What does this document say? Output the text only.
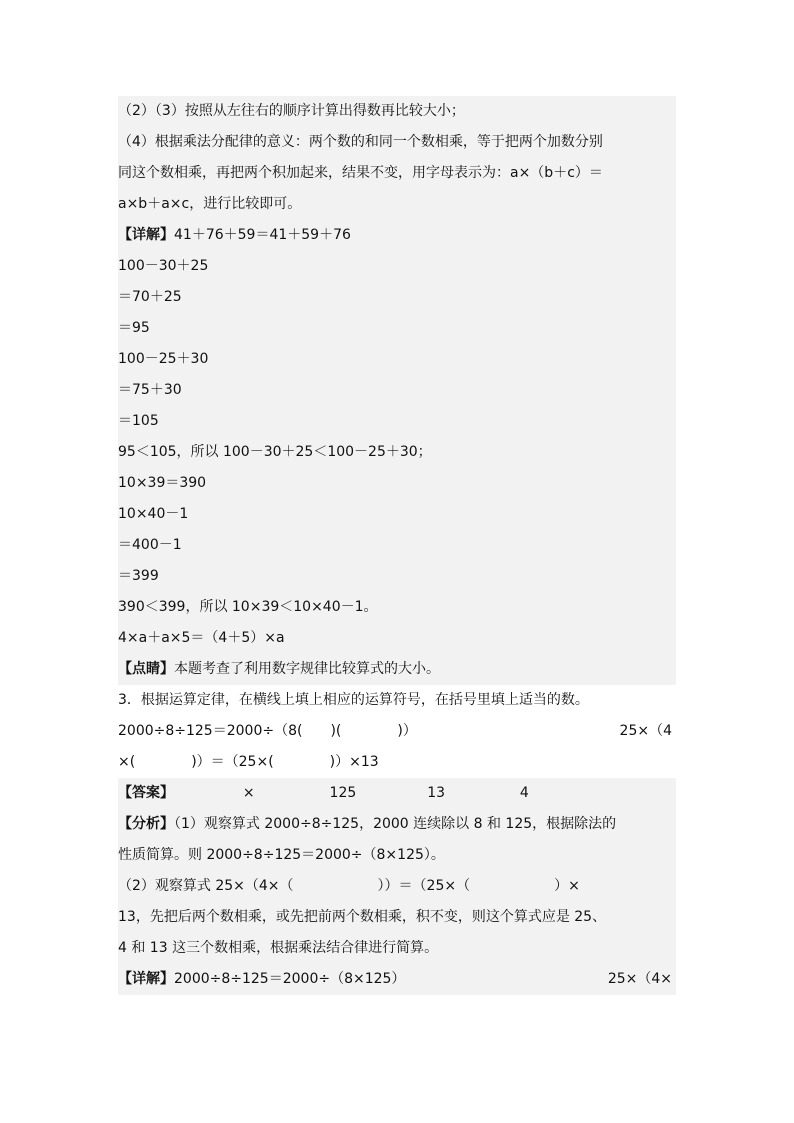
（2）（3）按照从左往右的顺序计算出得数再比较大小；
（4）根据乘法分配律的意义：两个数的和同一个数相乘，等于把两个加数分别
同这个数相乘，再把两个积加起来，结果不变，用字母表示为：a×（b＋c）＝
a×b＋a×c，进行比较即可。
【详解】41＋76＋59＝41＋59＋76
100－30＋25
＝70＋25
＝95
100－25＋30
＝75＋30
＝105
95＜105，所以 100－30＋25＜100－25＋30；
10×39＝390
10×40－1
＝400－1
＝399
390＜399，所以 10×39＜10×40－1。
4×a＋a×5＝（4＋5）×a
【点睛】本题考查了利用数字规律比较算式的大小。
3．根据运算定律，在横线上填上相应的运算符号，在括号里填上适当的数。
2000÷8÷125＝2000÷（8(　　)(　　　　)）	25×（4
×(　　　　)）＝（25×(　　　　)）×13
【答案】	×	125	13	4
【分析】（1）观察算式 2000÷8÷125，2000 连续除以 8 和 125，根据除法的
性质简算。则 2000÷8÷125＝2000÷（8×125）。
（2）观察算式 25×（4×（　　　　　　））＝（25×（　　　　　　）×
13，先把后两个数相乘，或先把前两个数相乘，积不变，则这个算式应是 25、
4 和 13 这三个数相乘，根据乘法结合律进行简算。
【详解】2000÷8÷125＝2000÷（8×125）	25×（4×
